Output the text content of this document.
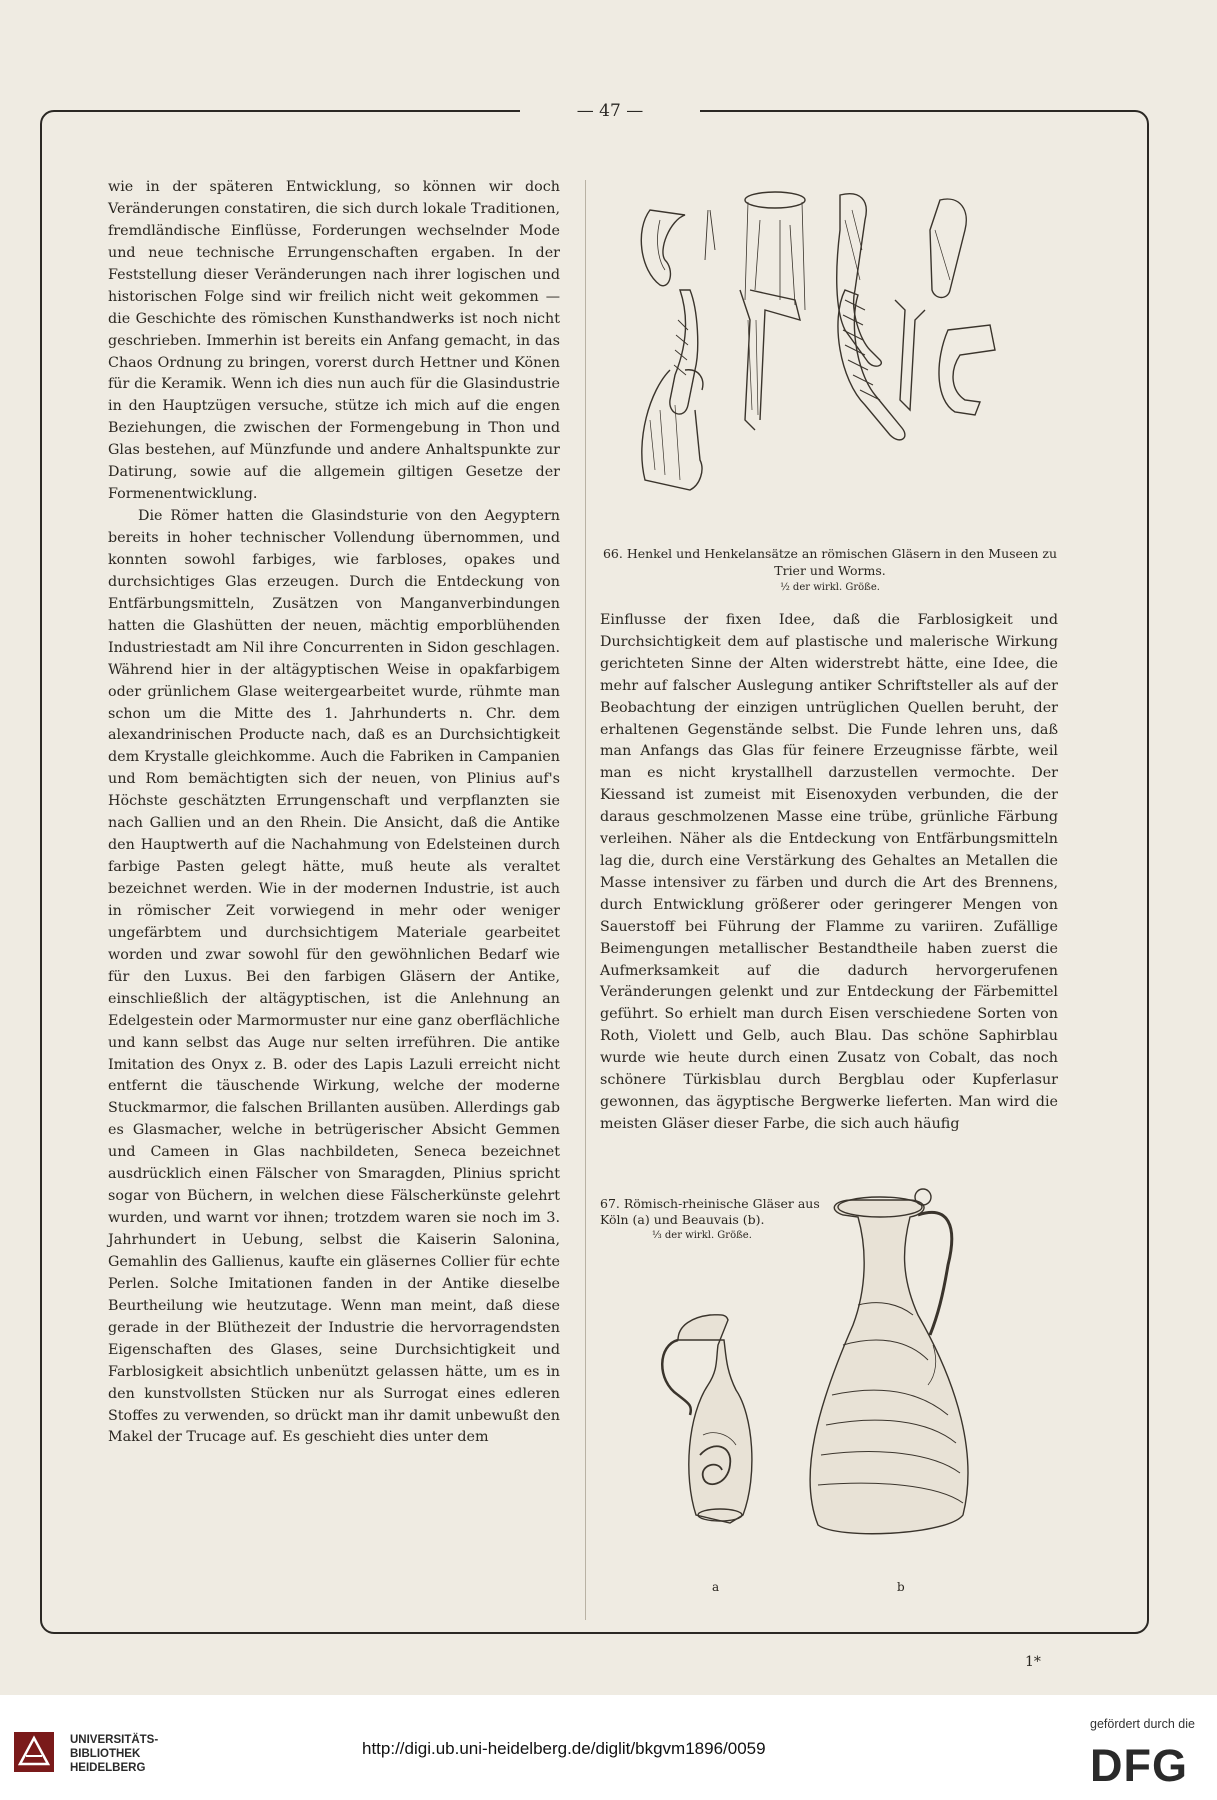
— 47 —

wie in der späteren Entwicklung, so können wir doch Veränderungen constatiren, die sich durch lokale Traditionen, fremdländische Einflüsse, Forderungen wechselnder Mode und neue technische Errungenschaften ergaben. In der Feststellung dieser Veränderungen nach ihrer logischen und historischen Folge sind wir freilich nicht weit gekommen — die Geschichte des römischen Kunsthandwerks ist noch nicht geschrieben. Immerhin ist bereits ein Anfang gemacht, in das Chaos Ordnung zu bringen, vorerst durch Hettner und Könen für die Keramik. Wenn ich dies nun auch für die Glasindustrie in den Hauptzügen versuche, stütze ich mich auf die engen Beziehungen, die zwischen der Formengebung in Thon und Glas bestehen, auf Münzfunde und andere Anhaltspunkte zur Datirung, sowie auf die allgemein giltigen Gesetze der Formenentwicklung.

Die Römer hatten die Glasindsturie von den Aegyptern bereits in hoher technischer Vollendung übernommen, und konnten sowohl farbiges, wie farbloses, opakes und durchsichtiges Glas erzeugen. Durch die Entdeckung von Entfärbungsmitteln, Zusätzen von Manganverbindungen hatten die Glashütten der neuen, mächtig emporblühenden Industriestadt am Nil ihre Concurrenten in Sidon geschlagen. Während hier in der altägyptischen Weise in opakfarbigem oder grünlichem Glase weitergearbeitet wurde, rühmte man schon um die Mitte des 1. Jahrhunderts n. Chr. dem alexandrinischen Producte nach, daß es an Durchsichtigkeit dem Krystalle gleichkomme. Auch die Fabriken in Campanien und Rom bemächtigten sich der neuen, von Plinius auf's Höchste geschätzten Errungenschaft und verpflanzten sie nach Gallien und an den Rhein. Die Ansicht, daß die Antike den Hauptwerth auf die Nachahmung von Edelsteinen durch farbige Pasten gelegt hätte, muß heute als veraltet bezeichnet werden. Wie in der modernen Industrie, ist auch in römischer Zeit vorwiegend in mehr oder weniger ungefärbtem und durchsichtigem Materiale gearbeitet worden und zwar sowohl für den gewöhnlichen Bedarf wie für den Luxus. Bei den farbigen Gläsern der Antike, einschließlich der altägyptischen, ist die Anlehnung an Edelgestein oder Marmormuster nur eine ganz oberflächliche und kann selbst das Auge nur selten irreführen. Die antike Imitation des Onyx z. B. oder des Lapis Lazuli erreicht nicht entfernt die täuschende Wirkung, welche der moderne Stuckmarmor, die falschen Brillanten ausüben. Allerdings gab es Glasmacher, welche in betrügerischer Absicht Gemmen und Cameen in Glas nachbildeten, Seneca bezeichnet ausdrücklich einen Fälscher von Smaragden, Plinius spricht sogar von Büchern, in welchen diese Fälscherkünste gelehrt wurden, und warnt vor ihnen; trotzdem waren sie noch im 3. Jahrhundert in Uebung, selbst die Kaiserin Salonina, Gemahlin des Gallienus, kaufte ein gläsernes Collier für echte Perlen. Solche Imitationen fanden in der Antike dieselbe Beurtheilung wie heutzutage. Wenn man meint, daß diese gerade in der Blüthezeit der Industrie die hervorragendsten Eigenschaften des Glases, seine Durchsichtigkeit und Farblosigkeit absichtlich unbenützt gelassen hätte, um es in den kunstvollsten Stücken nur als Surrogat eines edleren Stoffes zu verwenden, so drückt man ihr damit unbewußt den Makel der Trucage auf. Es geschieht dies unter dem

66. Henkel und Henkelansätze an römischen Gläsern in den Museen zu Trier und Worms.
½ der wirkl. Größe.

Einflusse der fixen Idee, daß die Farblosigkeit und Durchsichtigkeit dem auf plastische und malerische Wirkung gerichteten Sinne der Alten widerstrebt hätte, eine Idee, die mehr auf falscher Auslegung antiker Schriftsteller als auf der Beobachtung der einzigen untrüglichen Quellen beruht, der erhaltenen Gegenstände selbst. Die Funde lehren uns, daß man Anfangs das Glas für feinere Erzeugnisse färbte, weil man es nicht krystallhell darzustellen vermochte. Der Kiessand ist zumeist mit Eisenoxyden verbunden, die der daraus geschmolzenen Masse eine trübe, grünliche Färbung verleihen. Näher als die Entdeckung von Entfärbungsmitteln lag die, durch eine Verstärkung des Gehaltes an Metallen die Masse intensiver zu färben und durch die Art des Brennens, durch Entwicklung größerer oder geringerer Mengen von Sauerstoff bei Führung der Flamme zu variiren. Zufällige Beimengungen metallischer Bestandtheile haben zuerst die Aufmerksamkeit auf die dadurch hervorgerufenen Veränderungen gelenkt und zur Entdeckung der Färbemittel geführt. So erhielt man durch Eisen verschiedene Sorten von Roth, Violett und Gelb, auch Blau. Das schöne Saphirblau wurde wie heute durch einen Zusatz von Cobalt, das noch schönere Türkisblau durch Bergblau oder Kupferlasur gewonnen, das ägyptische Bergwerke lieferten. Man wird die meisten Gläser dieser Farbe, die sich auch häufig

67. Römisch-rheinische Gläser aus Köln (a) und Beauvais (b).
⅓ der wirkl. Größe.
a	b
1*
UNIVERSITÄTS-
BIBLIOTHEK
HEIDELBERG
http://digi.ub.uni-heidelberg.de/diglit/bkgvm1896/0059
gefördert durch die
DFG
